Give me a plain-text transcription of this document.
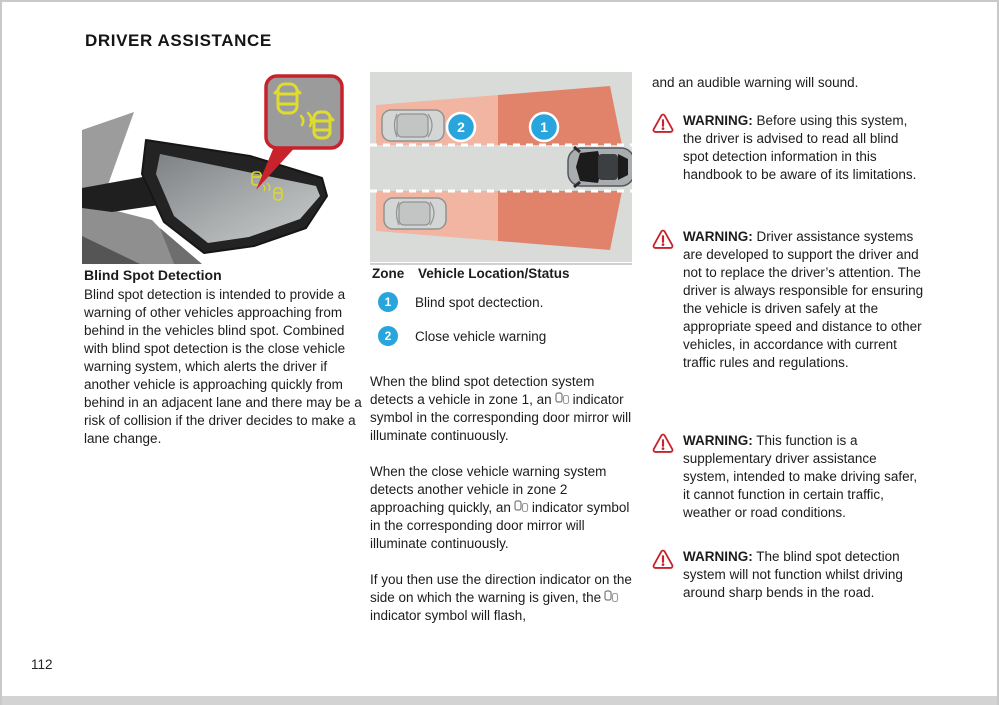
DRIVER ASSISTANCE
Blind Spot Detection
Blind spot detection is intended to provide a warning of other vehicles approaching from behind in the vehicles blind spot. Combined with blind spot detection is the close vehicle warning system, which alerts the driver if another vehicle is approaching quickly from behind in an adjacent lane and there may be a risk of collision if the driver decides to make a lane change.
2	1
Zone Vehicle Location/Status
1	Blind spot dectection.
2	Close vehicle warning

When the blind spot detection system detects a vehicle in zone 1, an indicator symbol in the corresponding door mirror will illuminate continuously.

When the close vehicle warning system detects another vehicle in zone 2 approaching quickly, an indicator symbol in the corresponding door mirror will illuminate continuously.

If you then use the direction indicator on the side on which the warning is given, theindicator symbol will flash,

and an audible warning will sound.
WARNING: Before using this system, the driver is advised to read all blind spot detection information in this handbook to be aware of its limitations.
WARNING: Driver assistance systems are developed to support the driver and not to replace the driver’s attention. The driver is always responsible for ensuring the vehicle is driven safely at the appropriate speed and distance to other vehicles, in accordance with current traffic rules and regulations.
WARNING: This function is a supplementary driver assistance system, intended to make driving safer, it cannot function in certain traffic, weather or road conditions.
WARNING: The blind spot detection system will not function whilst driving around sharp bends in the road.
112
